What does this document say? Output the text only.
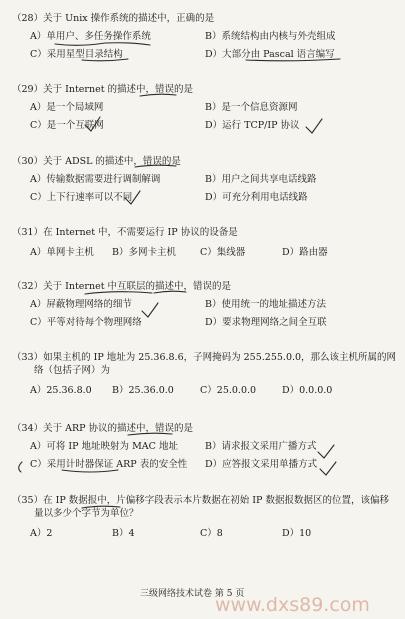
（28）关于 Unix 操作系统的描述中，正确的是
A）单用户、多任务操作系统	B）系统结构由内核与外壳组成
C）采用星型目录结构	D）大部分由 Pascal 语言编写
（29）关于 Internet 的描述中，错误的是
A）是一个局域网	B）是一个信息资源网
C）是一个互联网	D）运行 TCP/IP 协议
（30）关于 ADSL 的描述中，错误的是
A）传输数据需要进行调制解调	B）用户之间共享电话线路
C）上下行速率可以不同	D）可充分利用电话线路
（31）在 Internet 中，不需要运行 IP 协议的设备是
A）单网卡主机	B）多网卡主机	C）集线器	D）路由器
（32）关于 Internet 中互联层的描述中，错误的是
A）屏蔽物理网络的细节	B）使用统一的地址描述方法
C）平等对待每个物理网络	D）要求物理网络之间全互联
（33）如果主机的 IP 地址为 25.36.8.6，子网掩码为 255.255.0.0，那么该主机所属的网络（包括子网）为
A）25.36.8.0	B）25.36.0.0	C）25.0.0.0	D）0.0.0.0
（34）关于 ARP 协议的描述中，错误的是
A）可将 IP 地址映射为 MAC 地址	B）请求报文采用广播方式
C）采用计时器保证 ARP 表的安全性	D）应答报文采用单播方式
（35）在 IP 数据报中，片偏移字段表示本片数据在初始 IP 数据报数据区的位置，该偏移量以多少个字节为单位？
A）2	B）4	C）8	D）10
三级网络技术试卷 第 5 页
www.dxs89.com
